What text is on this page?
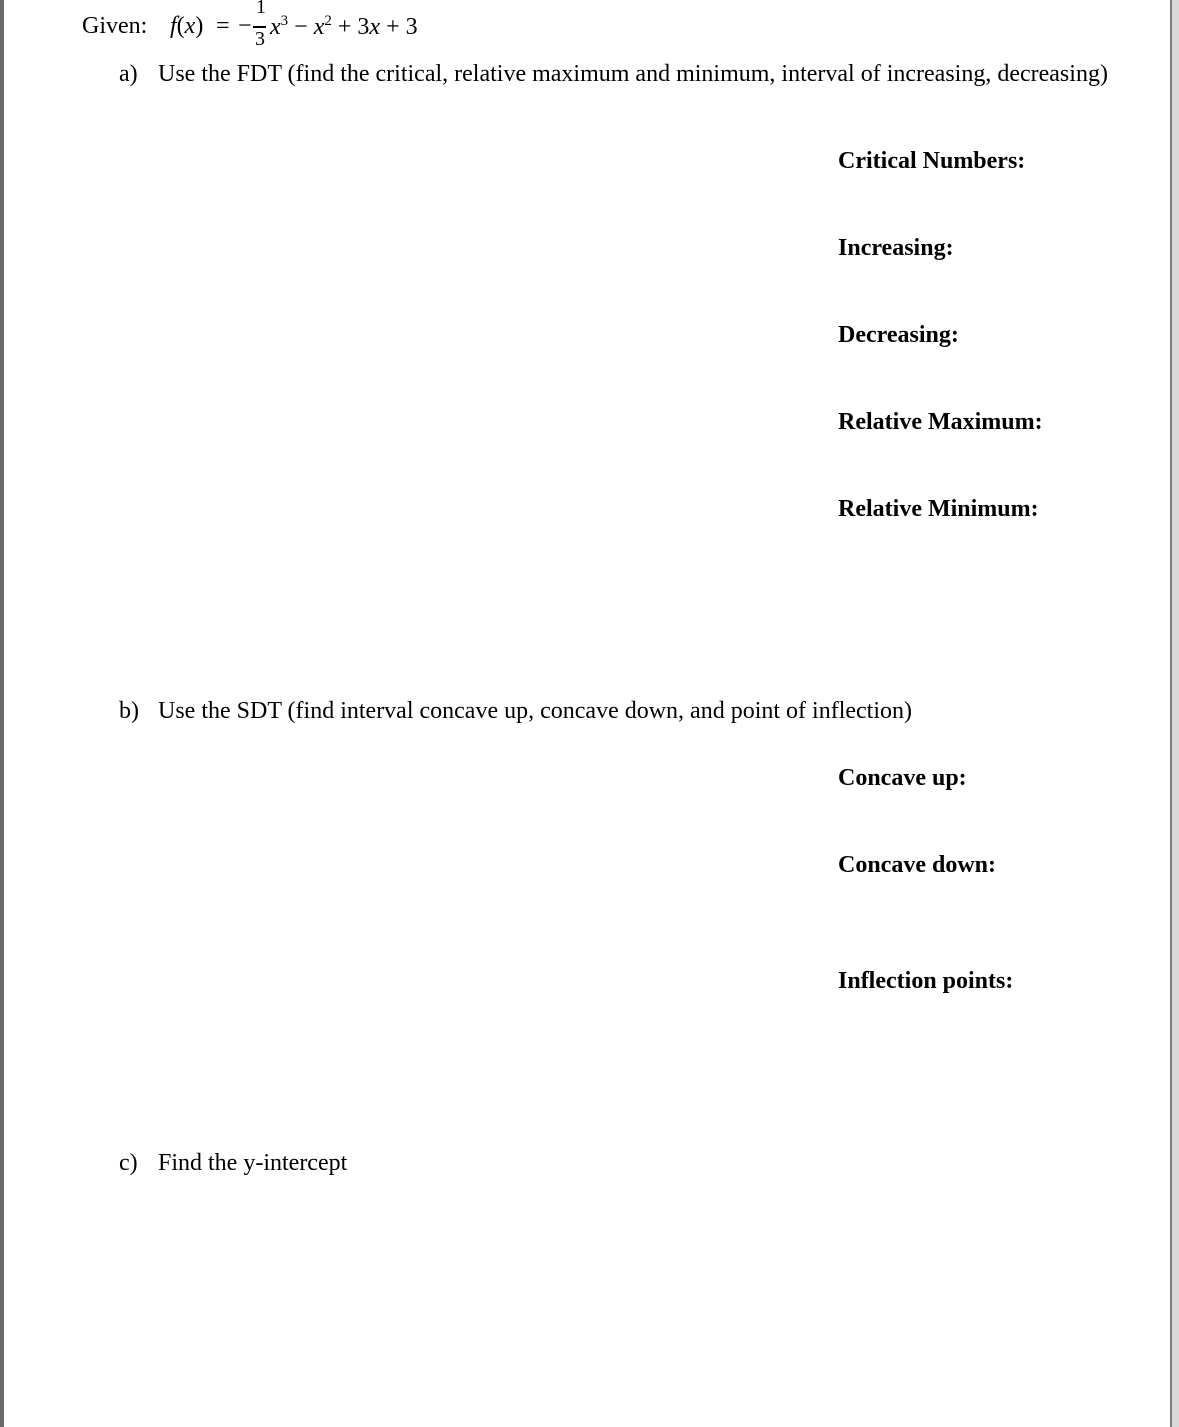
Given: f(x) = −
1
3 $x^3 - x^2 + 3x + 3$
a) Use the FDT (find the critical, relative maximum and minimum, interval of increasing, decreasing)
Critical Numbers:
Increasing:
Decreasing:
Relative Maximum:
Relative Minimum:
b) Use the SDT (find interval concave up, concave down, and point of inflection)
Concave up:
Concave down:
Inflection points:
c) Find the y-intercept
